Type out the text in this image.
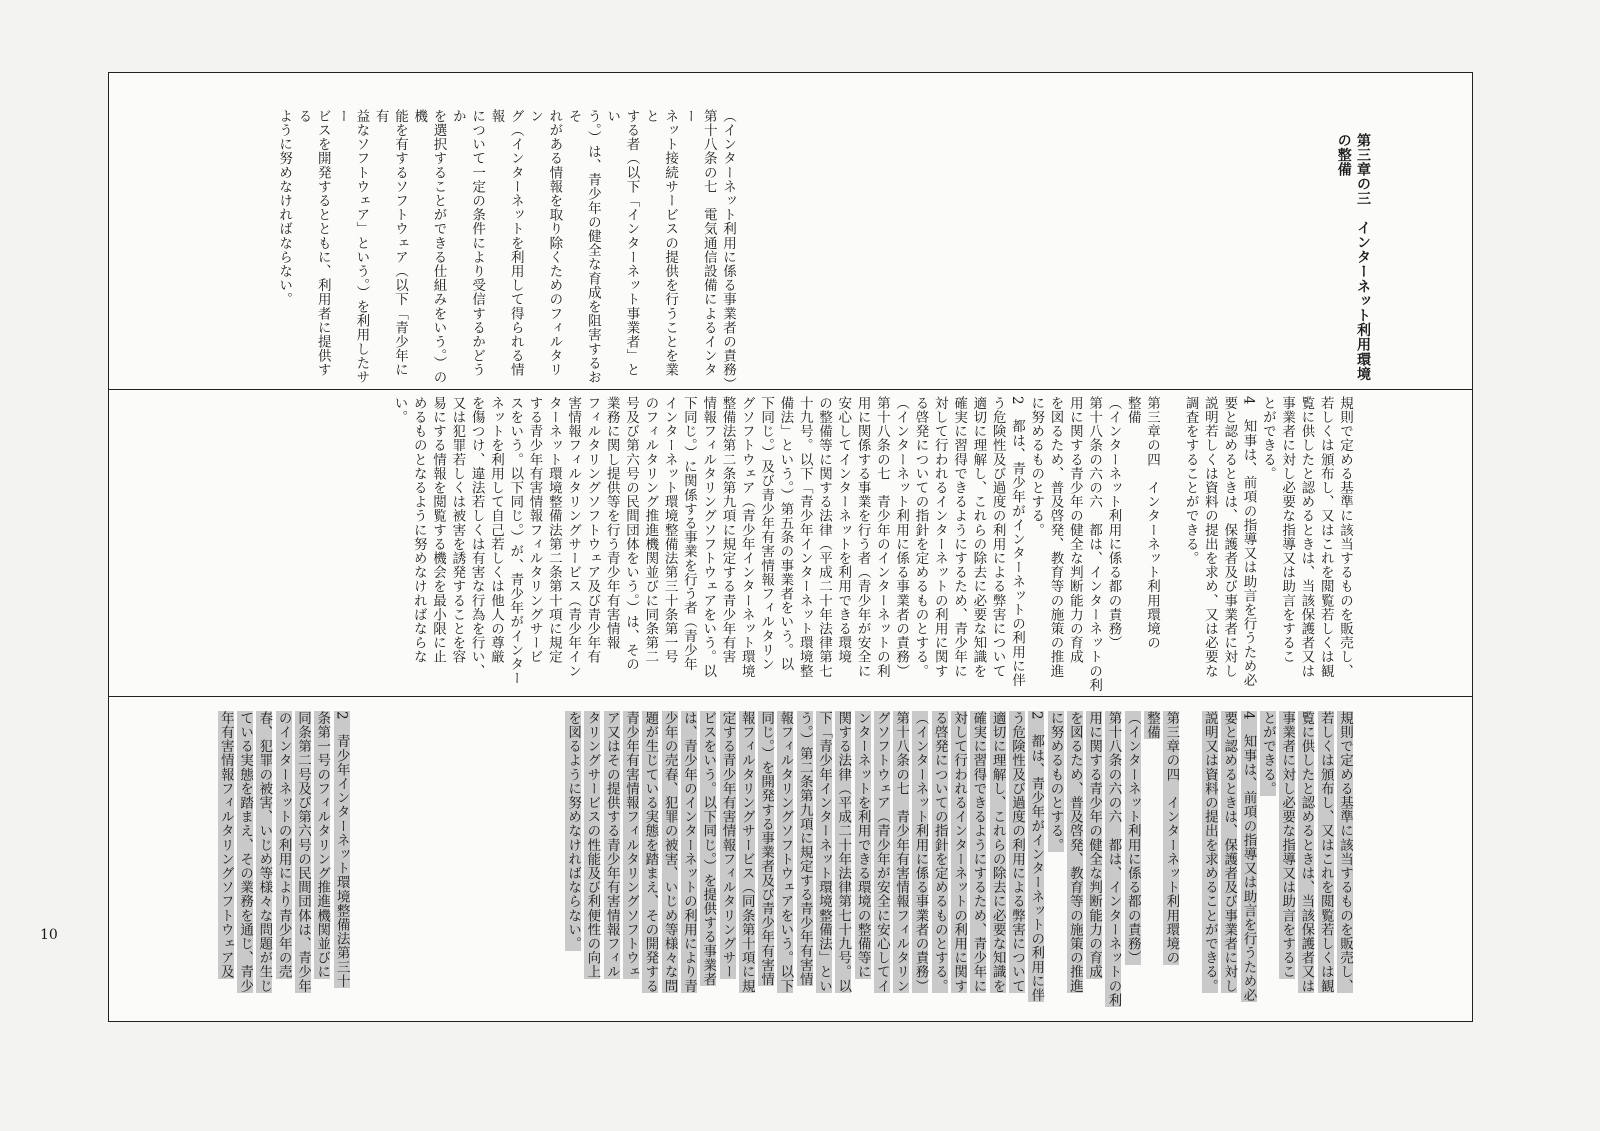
第三章の三　インターネット利用環境
の整備
（インターネット利用に係る事業者の責務）
第十八条の七　電気通信設備によるインター
ネット接続サービスの提供を行うことを業と
する者（以下「インターネット事業者」とい
う。）は、青少年の健全な育成を阻害するおそ
れがある情報を取り除くためのフィルタリン
グ（インターネットを利用して得られる情報
について一定の条件により受信するかどうか
を選択することができる仕組みをいう。）の機
能を有するソフトウェア（以下「青少年に有
益なソフトウェア」という。）を利用したサー
ビスを開発するとともに、利用者に提供する
ように努めなければならない。
規則で定める基準に該当するものを販売し、
若しくは頒布し、又はこれを閲覧若しくは観
覧に供したと認めるときは、当該保護者又は
事業者に対し必要な指導又は助言をするこ
とができる。
4　知事は、前項の指導又は助言を行うため必
要と認めるときは、保護者及び事業者に対し
説明若しくは資料の提出を求め、又は必要な
調査をすることができる。

第三章の四　インターネット利用環境の
整備
（インターネット利用に係る都の責務）
第十八条の六の六　都は、インターネットの利
用に関する青少年の健全な判断能力の育成
を図るため、普及啓発、教育等の施策の推進
に努めるものとする。
2　都は、青少年がインターネットの利用に伴
う危険性及び過度の利用による弊害について
適切に理解し、これらの除去に必要な知識を
確実に習得できるようにするため、青少年に
対して行われるインターネットの利用に関す
る啓発についての指針を定めるものとする。
（インターネット利用に係る事業者の責務）
第十八条の七　青少年のインターネットの利
用に関係する事業を行う者（青少年が安全に
安心してインターネットを利用できる環境
の整備等に関する法律（平成二十年法律第七
十九号。以下「青少年インターネット環境整
備法」という。）第五条の事業者をいう。以
下同じ。）及び青少年有害情報フィルタリン
グソフトウェア（青少年インターネット環境
整備法第二条第九項に規定する青少年有害
情報フィルタリングソフトウェアをいう。以
下同じ。）に関係する事業を行う者（青少年
インターネット環境整備法第三十条第一号
のフィルタリング推進機関並びに同条第二
号及び第六号の民間団体をいう。）は、その
業務に関し提供等を行う青少年有害情報
フィルタリングソフトウェア及び青少年有
害情報フィルタリングサービス（青少年イン
ターネット環境整備法第二条第十項に規定
する青少年有害情報フィルタリングサービ
スをいう。以下同じ。）が、青少年がインター
ネットを利用して自己若しくは他人の尊厳
を傷つけ、違法若しくは有害な行為を行い、
又は犯罪若しくは被害を誘発することを容
易にする情報を閲覧する機会を最小限に止
めるものとなるように努めなければならな
い。
規則で定める基準に該当するものを販売し、
若しくは頒布し、又はこれを閲覧若しくは観
覧に供したと認めるときは、当該保護者又は
事業者に対し必要な指導又は助言をするこ
とができる。
4　知事は、前項の指導又は助言を行うため必
要と認めるときは、保護者及び事業者に対し
説明又は資料の提出を求めることができる。

第三章の四　インターネット利用環境の
整備
（インターネット利用に係る都の責務）
第十八条の六の六　都は、インターネットの利
用に関する青少年の健全な判断能力の育成
を図るため、普及啓発、教育等の施策の推進
に努めるものとする。
2　都は、青少年がインターネットの利用に伴
う危険性及び過度の利用による弊害について
適切に理解し、これらの除去に必要な知識を
確実に習得できるようにするため、青少年に
対して行われるインターネットの利用に関す
る啓発についての指針を定めるものとする。
（インターネット利用に係る事業者の責務）
第十八条の七　青少年有害情報フィルタリン
グソフトウェア（青少年が安全に安心してイ
ンターネットを利用できる環境の整備等に
関する法律（平成二十年法律第七十九号。以
下「青少年インターネット環境整備法」とい
う。）第二条第九項に規定する青少年有害情
報フィルタリングソフトウェアをいう。以下
同じ。）を開発する事業者及び青少年有害情
報フィルタリングサービス（同条第十項に規
定する青少年有害情報フィルタリングサー
ビスをいう。以下同じ。）を提供する事業者
は、青少年のインターネットの利用により青
少年の売春、犯罪の被害、いじめ等様々な問
題が生じている実態を踏まえ、その開発する
青少年有害情報フィルタリングソフトウェ
ア又はその提供する青少年有害情報フィル
タリングサービスの性能及び利便性の向上
を図るように努めなければならない。

2　青少年インターネット環境整備法第三十
条第一号のフィルタリング推進機関並びに
同条第二号及び第六号の民間団体は、青少年
のインターネットの利用により青少年の売
春、犯罪の被害、いじめ等様々な問題が生じ
ている実態を踏まえ、その業務を通じ、青少
年有害情報フィルタリングソフトウェア及
10
